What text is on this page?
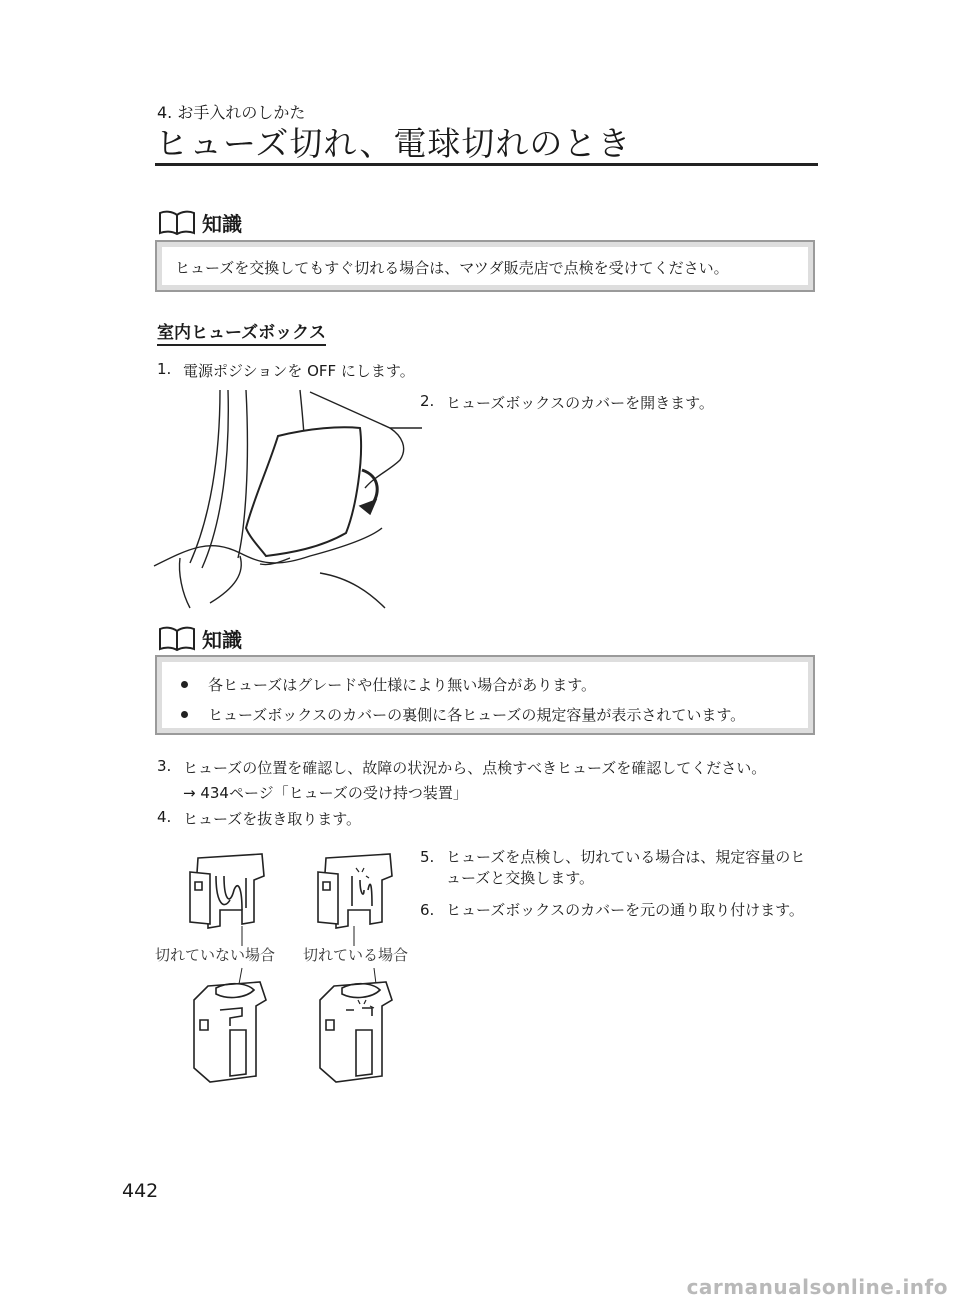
4. お手入れのしかた
ヒューズ切れ、電球切れのとき
知識
ヒューズを交換してもすぐ切れる場合は、マツダ販売店で点検を受けてください。
室内ヒューズボックス
1. 電源ポジションを OFF にします。
2. ヒューズボックスのカバーを開きます。
知識
各ヒューズはグレードや仕様により無い場合があります。
ヒューズボックスのカバーの裏側に各ヒューズの規定容量が表示されています。
3. ヒューズの位置を確認し、故障の状況から、点検すべきヒューズを確認してください。
→ 434ページ「ヒューズの受け持つ装置」
4. ヒューズを抜き取ります。
5. ヒューズを点検し、切れている場合は、規定容量のヒューズと交換します。
6. ヒューズボックスのカバーを元の通り取り付けます。
切れていない場合 切れている場合
442
carmanualsonline.info
